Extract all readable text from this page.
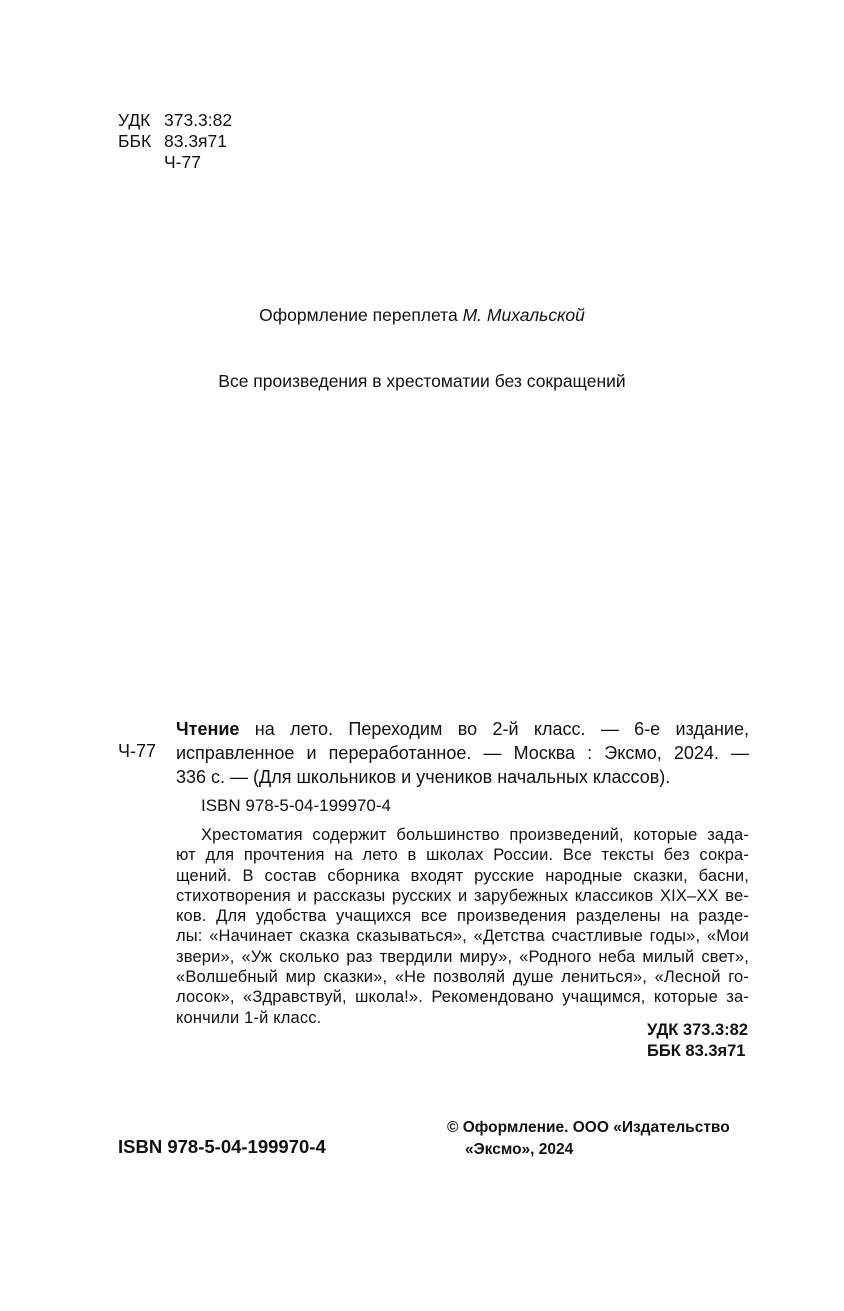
УДК 373.3:82
ББК 83.3я71
Ч-77
Оформление переплета М. Михальской
Все произведения в хрестоматии без сокращений
Ч-77
Чтение на лето. Переходим во 2-й класс. — 6-е издание,
исправленное и переработанное. — Москва : Эксмо, 2024. —
336 с. — (Для школьников и учеников начальных классов).
ISBN 978-5-04-199970-4
Хрестоматия содержит большинство произведений, которые зада-
ют для прочтения на лето в школах России. Все тексты без сокра-
щений. В состав сборника входят русские народные сказки, басни,
стихотворения и рассказы русских и зарубежных классиков XIX–XX ве-
ков. Для удобства учащихся все произведения разделены на разде-
лы: «Начинает сказка сказываться», «Детства счастливые годы», «Мои
звери», «Уж сколько раз твердили миру», «Родного неба милый свет»,
«Волшебный мир сказки», «Не позволяй душе лениться», «Лесной го-
лосок», «Здравствуй, школа!». Рекомендовано учащимся, которые за-
кончили 1-й класс.
УДК 373.3:82
ББК 83.3я71
ISBN 978-5-04-199970-4
© Оформление. ООО «Издательство
«Эксмо», 2024
